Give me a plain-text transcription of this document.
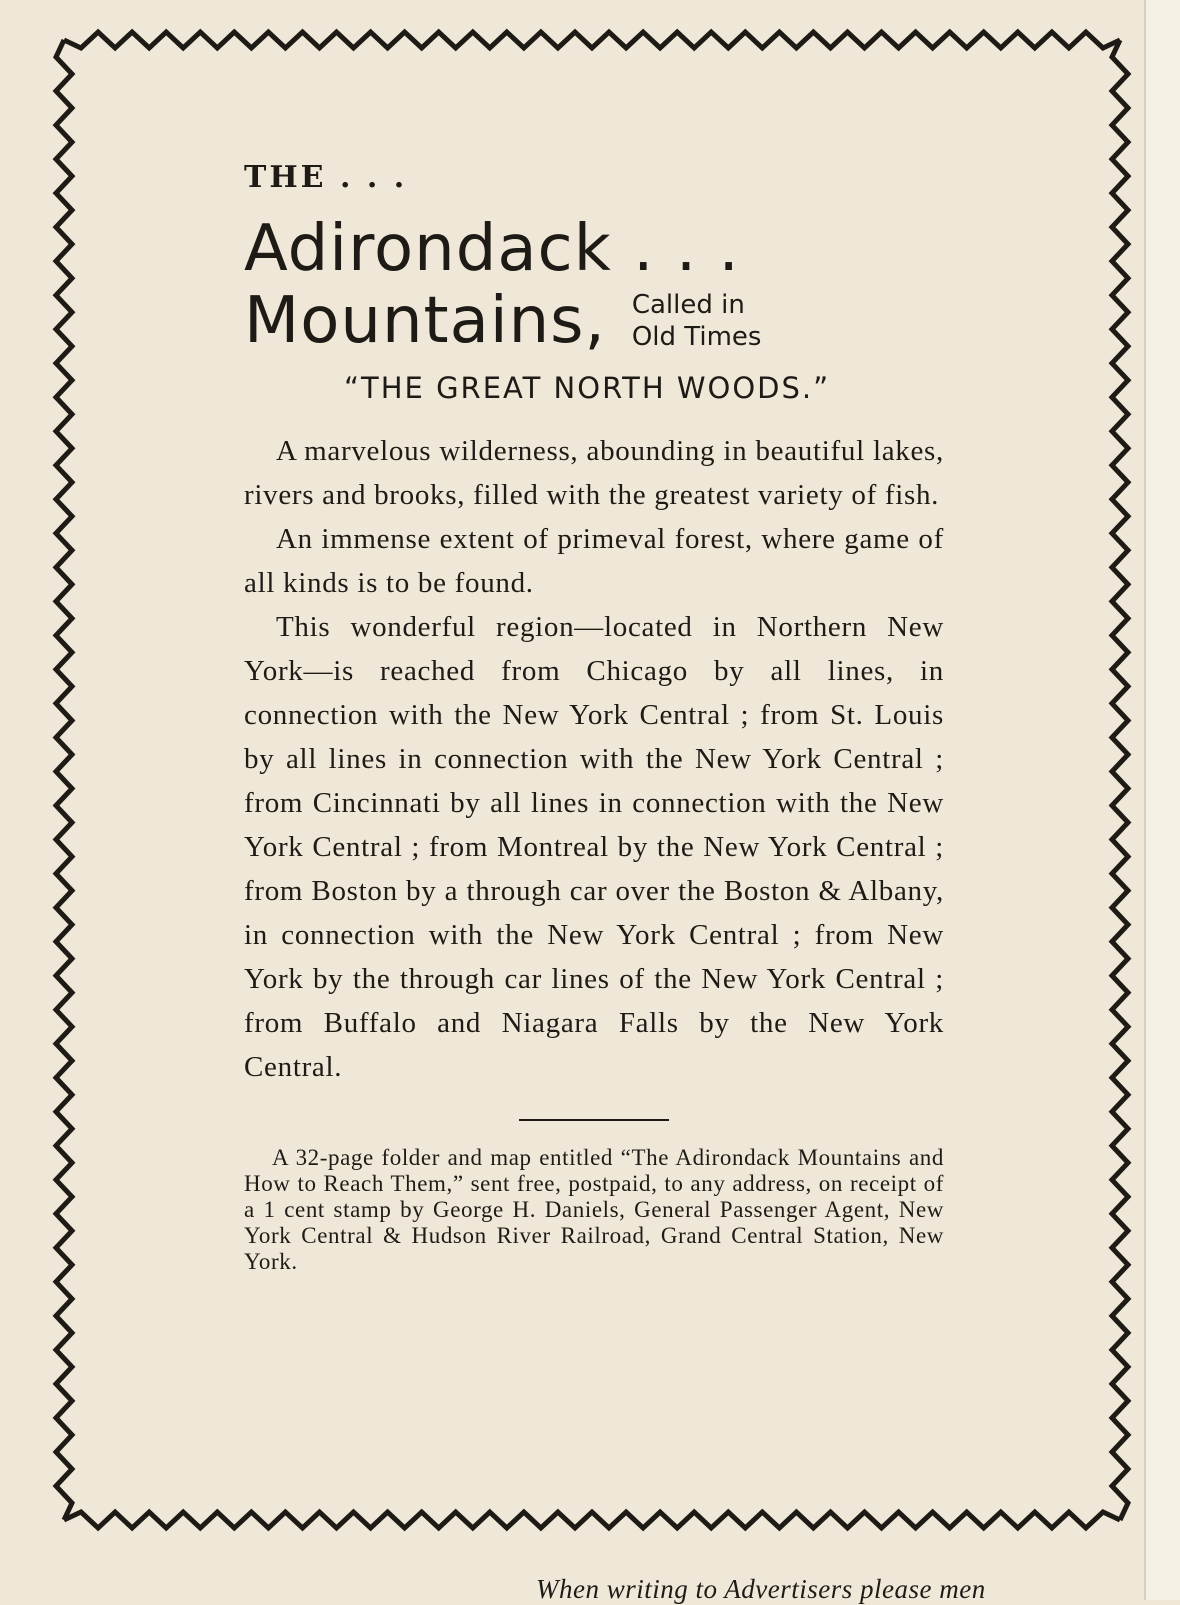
THE . . .

Adirondack . . .
Mountains, Called in
Old Times
“THE GREAT NORTH WOODS.”

A marvelous wilderness, abounding in beautiful lakes, rivers and brooks, filled with the greatest variety of fish.

An immense extent of primeval forest, where game of all kinds is to be found.

This wonderful region—located in Northern New York—is reached from Chicago by all lines, in connection with the New York Central ; from St. Louis by all lines in connection with the New York Central ; from Cincinnati by all lines in connection with the New York Central ; from Montreal by the New York Central ; from Boston by a through car over the Boston & Albany, in connection with the New York Central ; from New York by the through car lines of the New York Central ; from Buffalo and Niagara Falls by the New York Central.

A 32-page folder and map entitled “The Adirondack Mountains and How to Reach Them,” sent free, postpaid, to any address, on receipt of a 1 cent stamp by George H. Daniels, General Passenger Agent, New York Central & Hudson River Railroad, Grand Central Station, New York.

When writing to Advertisers please men
